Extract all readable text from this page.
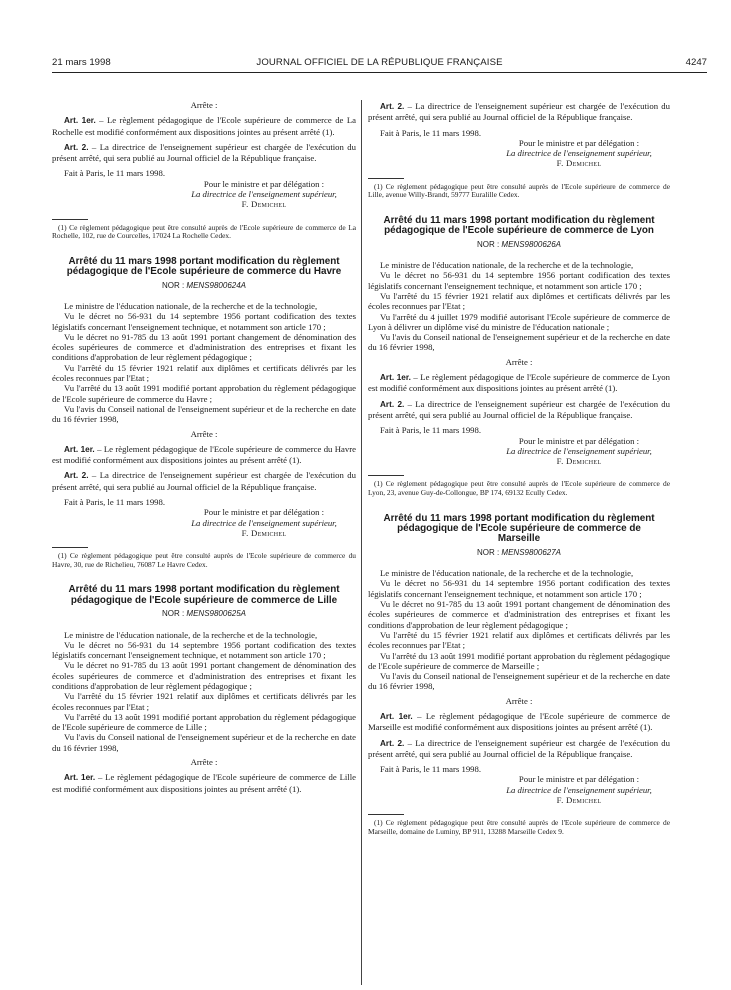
21 mars 1998	JOURNAL OFFICIEL DE LA RÉPUBLIQUE FRANÇAISE	4247

Arrête :

Art. 1er. – Le règlement pédagogique de l'Ecole supérieure de commerce de La Rochelle est modifié conformément aux dispositions jointes au présent arrêté (1).

Art. 2. – La directrice de l'enseignement supérieur est chargée de l'exécution du présent arrêté, qui sera publié au Journal officiel de la République française.

Fait à Paris, le 11 mars 1998.

Pour le ministre et par délégation :

La directrice de l'enseignement supérieur,

F. Demichel

(1) Ce règlement pédagogique peut être consulté auprès de l'Ecole supérieure de commerce de La Rochelle, 102, rue de Courcelles, 17024 La Rochelle Cedex.

Arrêté du 11 mars 1998 portant modification du règlement pédagogique de l'Ecole supérieure de commerce du Havre

NOR : MENS9800624A

Le ministre de l'éducation nationale, de la recherche et de la technologie,

Vu le décret no 56-931 du 14 septembre 1956 portant codification des textes législatifs concernant l'enseignement technique, et notamment son article 170 ;

Vu le décret no 91-785 du 13 août 1991 portant changement de dénomination des écoles supérieures de commerce et d'administration des entreprises et fixant les conditions d'approbation de leur règlement pédagogique ;

Vu l'arrêté du 15 février 1921 relatif aux diplômes et certificats délivrés par les écoles reconnues par l'Etat ;

Vu l'arrêté du 13 août 1991 modifié portant approbation du règlement pédagogique de l'Ecole supérieure de commerce du Havre ;

Vu l'avis du Conseil national de l'enseignement supérieur et de la recherche en date du 16 février 1998,

Arrête :

Art. 1er. – Le règlement pédagogique de l'Ecole supérieure de commerce du Havre est modifié conformément aux dispositions jointes au présent arrêté (1).

Art. 2. – La directrice de l'enseignement supérieur est chargée de l'exécution du présent arrêté, qui sera publié au Journal officiel de la République française.

Fait à Paris, le 11 mars 1998.

Pour le ministre et par délégation :

La directrice de l'enseignement supérieur,

F. Demichel

(1) Ce règlement pédagogique peut être consulté auprès de l'Ecole supérieure de commerce du Havre, 30, rue de Richelieu, 76087 Le Havre Cedex.

Arrêté du 11 mars 1998 portant modification du règlement pédagogique de l'Ecole supérieure de commerce de Lille

NOR : MENS9800625A

Le ministre de l'éducation nationale, de la recherche et de la technologie,

Vu le décret no 56-931 du 14 septembre 1956 portant codification des textes législatifs concernant l'enseignement technique, et notamment son article 170 ;

Vu le décret no 91-785 du 13 août 1991 portant changement de dénomination des écoles supérieures de commerce et d'administration des entreprises et fixant les conditions d'approbation de leur règlement pédagogique ;

Vu l'arrêté du 15 février 1921 relatif aux diplômes et certificats délivrés par les écoles reconnues par l'Etat ;

Vu l'arrêté du 13 août 1991 modifié portant approbation du règlement pédagogique de l'Ecole supérieure de commerce de Lille ;

Vu l'avis du Conseil national de l'enseignement supérieur et de la recherche en date du 16 février 1998,

Arrête :

Art. 1er. – Le règlement pédagogique de l'Ecole supérieure de commerce de Lille est modifié conformément aux dispositions jointes au présent arrêté (1).

Art. 2. – La directrice de l'enseignement supérieur est chargée de l'exécution du présent arrêté, qui sera publié au Journal officiel de la République française.

Fait à Paris, le 11 mars 1998.

Pour le ministre et par délégation :

La directrice de l'enseignement supérieur,

F. Demichel

(1) Ce règlement pédagogique peut être consulté auprès de l'Ecole supérieure de commerce de Lille, avenue Willy-Brandt, 59777 Euralille Cedex.

Arrêté du 11 mars 1998 portant modification du règlement pédagogique de l'Ecole supérieure de commerce de Lyon

NOR : MENS9800626A

Le ministre de l'éducation nationale, de la recherche et de la technologie,

Vu le décret no 56-931 du 14 septembre 1956 portant codification des textes législatifs concernant l'enseignement technique, et notamment son article 170 ;

Vu l'arrêté du 15 février 1921 relatif aux diplômes et certificats délivrés par les écoles reconnues par l'Etat ;

Vu l'arrêté du 4 juillet 1979 modifié autorisant l'Ecole supérieure de commerce de Lyon à délivrer un diplôme visé du ministre de l'éducation nationale ;

Vu l'avis du Conseil national de l'enseignement supérieur et de la recherche en date du 16 février 1998,

Arrête :

Art. 1er. – Le règlement pédagogique de l'Ecole supérieure de commerce de Lyon est modifié conformément aux dispositions jointes au présent arrêté (1).

Art. 2. – La directrice de l'enseignement supérieur est chargée de l'exécution du présent arrêté, qui sera publié au Journal officiel de la République française.

Fait à Paris, le 11 mars 1998.

Pour le ministre et par délégation :

La directrice de l'enseignement supérieur,

F. Demichel

(1) Ce règlement pédagogique peut être consulté auprès de l'Ecole supérieure de commerce de Lyon, 23, avenue Guy-de-Collongue, BP 174, 69132 Ecully Cedex.

Arrêté du 11 mars 1998 portant modification du règlement pédagogique de l'Ecole supérieure de commerce de Marseille

NOR : MENS9800627A

Le ministre de l'éducation nationale, de la recherche et de la technologie,

Vu le décret no 56-931 du 14 septembre 1956 portant codification des textes législatifs concernant l'enseignement technique, et notamment son article 170 ;

Vu le décret no 91-785 du 13 août 1991 portant changement de dénomination des écoles supérieures de commerce et d'administration des entreprises et fixant les conditions d'approbation de leur règlement pédagogique ;

Vu l'arrêté du 15 février 1921 relatif aux diplômes et certificats délivrés par les écoles reconnues par l'Etat ;

Vu l'arrêté du 13 août 1991 modifié portant approbation du règlement pédagogique de l'Ecole supérieure de commerce de Marseille ;

Vu l'avis du Conseil national de l'enseignement supérieur et de la recherche en date du 16 février 1998,

Arrête :

Art. 1er. – Le règlement pédagogique de l'Ecole supérieure de commerce de Marseille est modifié conformément aux dispositions jointes au présent arrêté (1).

Art. 2. – La directrice de l'enseignement supérieur est chargée de l'exécution du présent arrêté, qui sera publié au Journal officiel de la République française.

Fait à Paris, le 11 mars 1998.

Pour le ministre et par délégation :

La directrice de l'enseignement supérieur,

F. Demichel

(1) Ce règlement pédagogique peut être consulté auprès de l'Ecole supérieure de commerce de Marseille, domaine de Luminy, BP 911, 13288 Marseille Cedex 9.
